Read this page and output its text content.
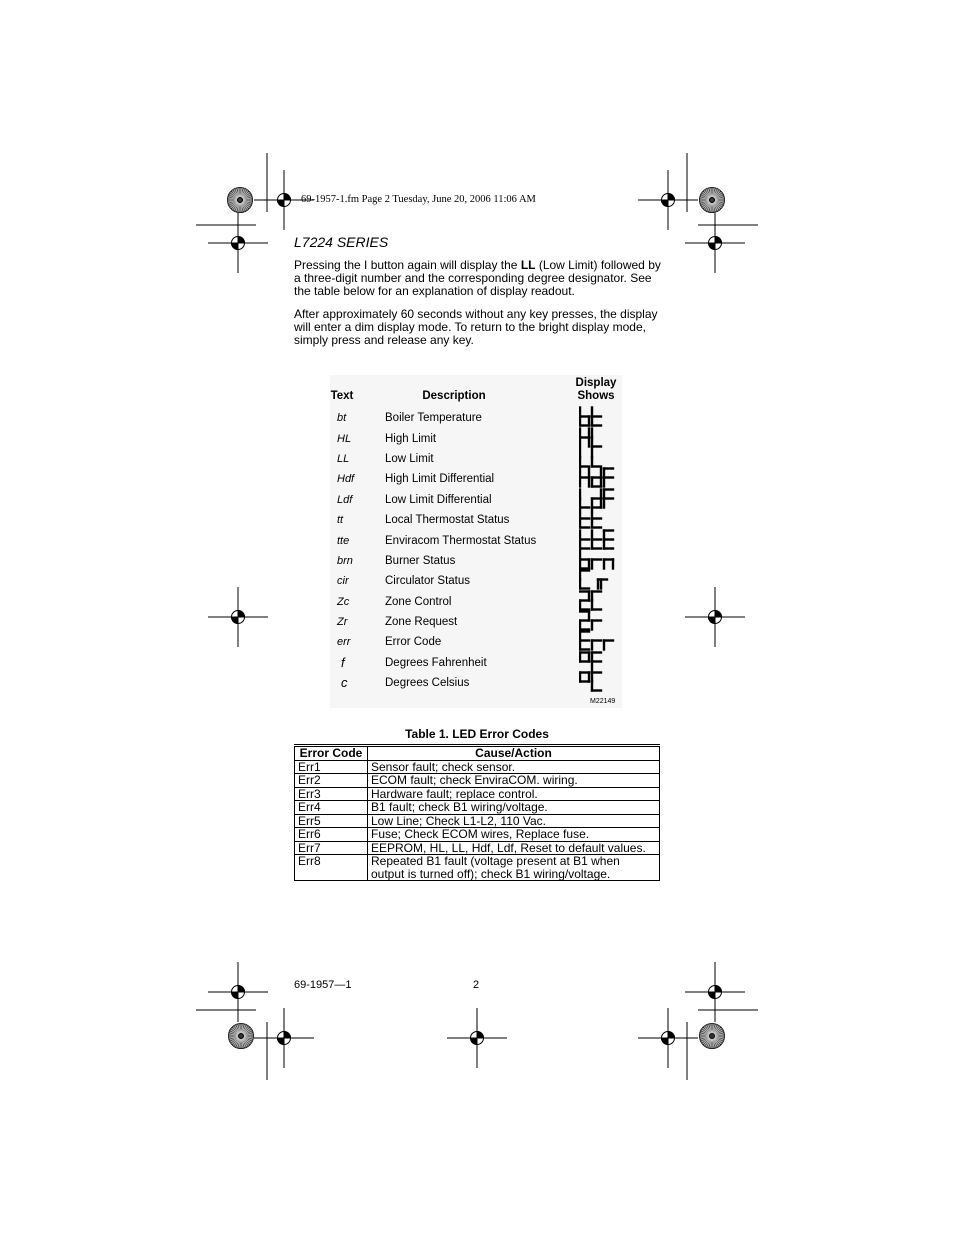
69-1957-1.fm Page 2 Tuesday, June 20, 2006 11:06 AM
L7224 SERIES
Pressing the I button again will display the LL (Low Limit) followed by a three-digit number and the corresponding degree designator. See the table below for an explanation of display readout.
After approximately 60 seconds without any key presses, the display will enter a dim display mode. To return to the bright display mode, simply press and release any key.
Text	Description
Display
Shows
bt	Boiler Temperature
HL	High Limit
LL	Low Limit
Hdf	High Limit Differential
Ldf	Low Limit Differential
tt	Local Thermostat Status
tte	Enviracom Thermostat Status
brn	Burner Status
cir	Circulator Status
Zc	Zone Control
Zr	Zone Request
err	Error Code
f	Degrees Fahrenheit
c	Degrees Celsius
M22149
Table 1. LED Error Codes
Error Code	Cause/Action
Err1	Sensor fault; check sensor.
Err2	ECOM fault; check EnviraCOM. wiring.
Err3	Hardware fault; replace control.
Err4	B1 fault; check B1 wiring/voltage.
Err5	Low Line; Check L1-L2, 110 Vac.
Err6	Fuse; Check ECOM wires, Replace fuse.
Err7	EEPROM, HL, LL, Hdf, Ldf, Reset to default values.
Err8	Repeated B1 fault (voltage present at B1 when output is turned off); check B1 wiring/voltage.
69-1957—1	2
